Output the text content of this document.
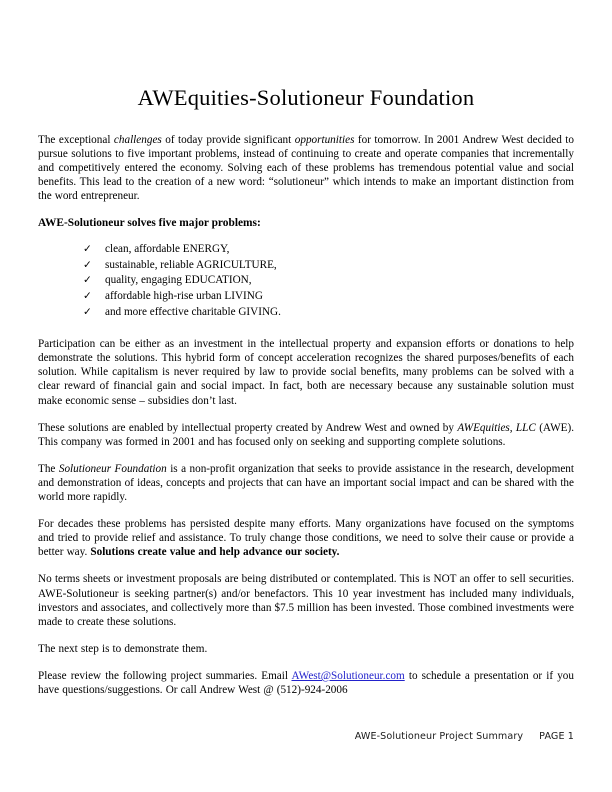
AWEquities-Solutioneur Foundation

The exceptional challenges of today provide significant opportunities for tomorrow. In 2001 Andrew West decided to pursue solutions to five important problems, instead of continuing to create and operate companies that incrementally and competitively entered the economy. Solving each of these problems has tremendous potential value and social benefits. This lead to the creation of a new word: “solutioneur” which intends to make an important distinction from the word entrepreneur.

AWE-Solutioneur solves five major problems:
✓ clean, affordable ENERGY,
✓ sustainable, reliable AGRICULTURE,
✓ quality, engaging EDUCATION,
✓ affordable high-rise urban LIVING
✓ and more effective charitable GIVING.

Participation can be either as an investment in the intellectual property and expansion efforts or donations to help demonstrate the solutions. This hybrid form of concept acceleration recognizes the shared purposes/benefits of each solution. While capitalism is never required by law to provide social benefits, many problems can be solved with a clear reward of financial gain and social impact. In fact, both are necessary because any sustainable solution must make economic sense – subsidies don’t last.

These solutions are enabled by intellectual property created by Andrew West and owned by AWEquities, LLC (AWE). This company was formed in 2001 and has focused only on seeking and supporting complete solutions.

The Solutioneur Foundation is a non-profit organization that seeks to provide assistance in the research, development and demonstration of ideas, concepts and projects that can have an important social impact and can be shared with the world more rapidly.

For decades these problems has persisted despite many efforts. Many organizations have focused on the symptoms and tried to provide relief and assistance. To truly change those conditions, we need to solve their cause or provide a better way. Solutions create value and help advance our society.

No terms sheets or investment proposals are being distributed or contemplated. This is NOT an offer to sell securities. AWE-Solutioneur is seeking partner(s) and/or benefactors. This 10 year investment has included many individuals, investors and associates, and collectively more than $7.5 million has been invested. Those combined investments were made to create these solutions.

The next step is to demonstrate them.

Please review the following project summaries. Email AWest@Solutioneur.com to schedule a presentation or if you have questions/suggestions. Or call Andrew West @ (512)-924-2006

AWE-Solutioneur Project Summary PAGE 1
